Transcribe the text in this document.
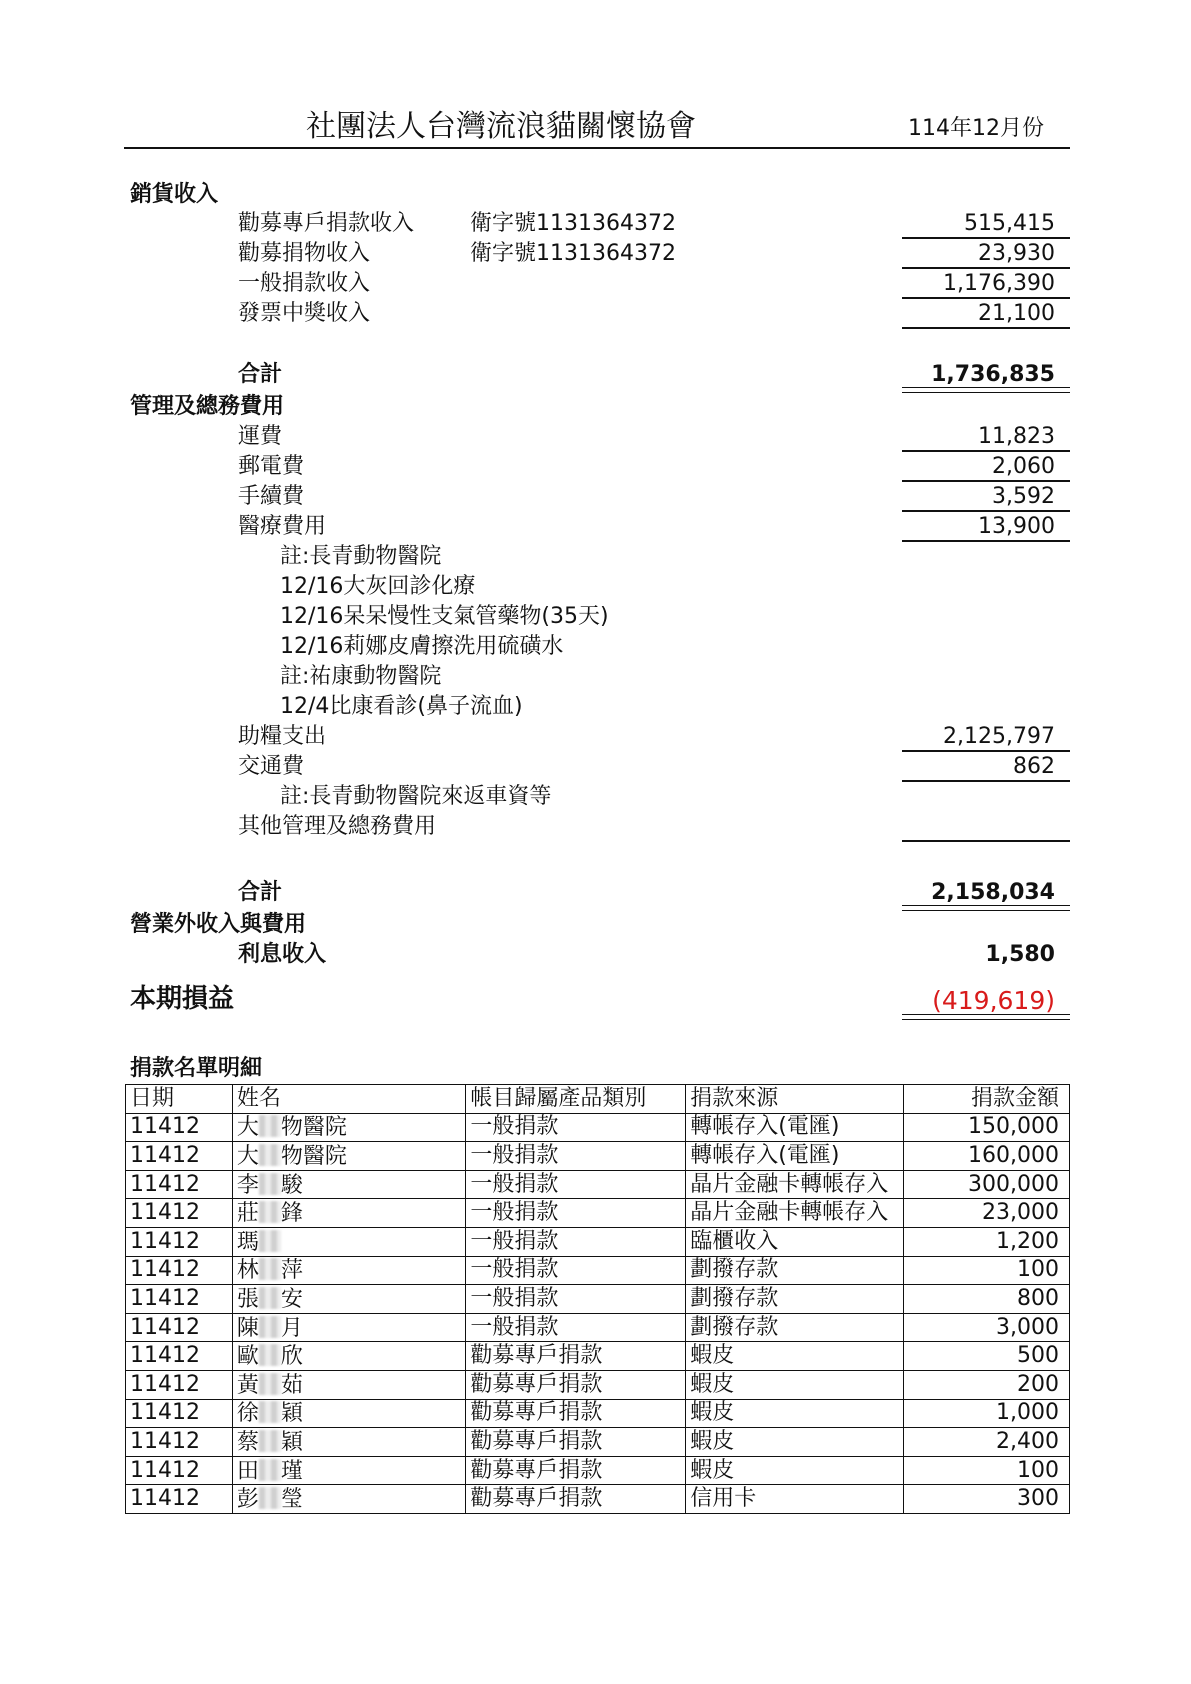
社團法人台灣流浪貓關懷協會	114年12月份
銷貨收入
勸募專戶捐款收入	衛字號1131364372	515,415
勸募捐物收入	衛字號1131364372	23,930
一般捐款收入	1,176,390
發票中獎收入	21,100
合計	1,736,835
管理及總務費用
運費	11,823
郵電費	2,060
手續費	3,592
醫療費用	13,900
註:長青動物醫院
12/16大灰回診化療
12/16呆呆慢性支氣管藥物(35天)
12/16莉娜皮膚擦洗用硫磺水
註:祐康動物醫院
12/4比康看診(鼻子流血)
助糧支出	2,125,797
交通費	862
註:長青動物醫院來返車資等
其他管理及總務費用
合計	2,158,034
營業外收入與費用
利息收入	1,580
本期損益	(419,619)
捐款名單明細
日期	姓名	帳目歸屬產品類別	捐款來源	捐款金額
11412	大 物醫院	一般捐款	轉帳存入(電匯)	150,000
11412	大 物醫院	一般捐款	轉帳存入(電匯)	160,000
11412	李 駿	一般捐款	晶片金融卡轉帳存入	300,000
11412	莊 鋒	一般捐款	晶片金融卡轉帳存入	23,000
11412	瑪	一般捐款	臨櫃收入	1,200
11412	林 萍	一般捐款	劃撥存款	100
11412	張 安	一般捐款	劃撥存款	800
11412	陳 月	一般捐款	劃撥存款	3,000
11412	歐 欣	勸募專戶捐款	蝦皮	500
11412	黃 茹	勸募專戶捐款	蝦皮	200
11412	徐 穎	勸募專戶捐款	蝦皮	1,000
11412	蔡 穎	勸募專戶捐款	蝦皮	2,400
11412	田 瑾	勸募專戶捐款	蝦皮	100
11412	彭 瑩	勸募專戶捐款	信用卡	300
